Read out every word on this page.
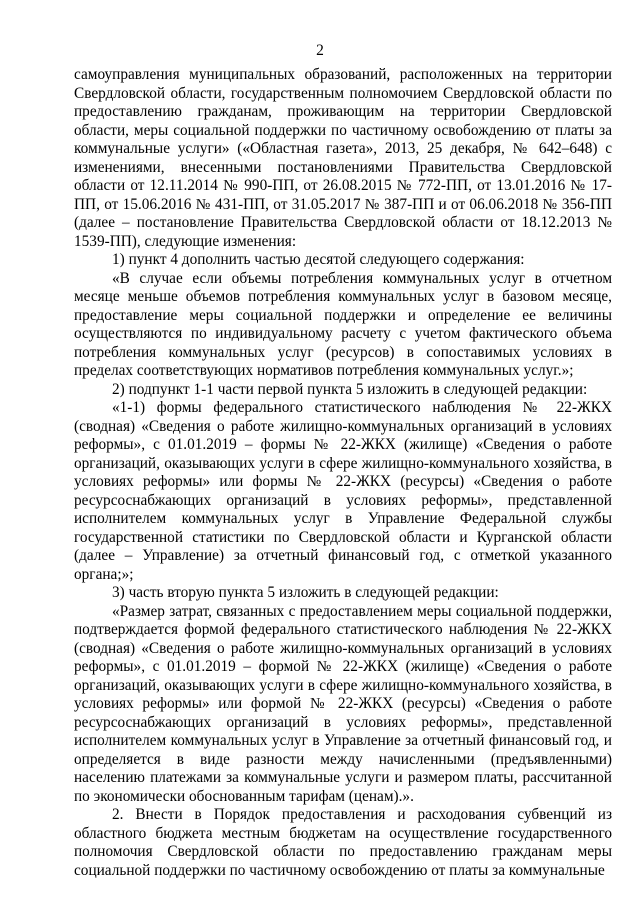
2

самоуправления муниципальных образований, расположенных на территории Свердловской области, государственным полномочием Свердловской области по предоставлению гражданам, проживающим на территории Свердловской области, меры социальной поддержки по частичному освобождению от платы за коммунальные услуги» («Областная газета», 2013, 25 декабря, № 642–648) с изменениями, внесенными постановлениями Правительства Свердловской области от 12.11.2014 № 990-ПП, от 26.08.2015 № 772-ПП, от 13.01.2016 № 17-ПП, от 15.06.2016 № 431-ПП, от 31.05.2017 № 387-ПП и от 06.06.2018 № 356-ПП (далее – постановление Правительства Свердловской области от 18.12.2013 № 1539-ПП), следующие изменения:

1) пункт 4 дополнить частью десятой следующего содержания:

«В случае если объемы потребления коммунальных услуг в отчетном месяце меньше объемов потребления коммунальных услуг в базовом месяце, предоставление меры социальной поддержки и определение ее величины осуществляются по индивидуальному расчету с учетом фактического объема потребления коммунальных услуг (ресурсов) в сопоставимых условиях в пределах соответствующих нормативов потребления коммунальных услуг.»;

2) подпункт 1-1 части первой пункта 5 изложить в следующей редакции:

«1-1) формы федерального статистического наблюдения № 22-ЖКХ (сводная) «Сведения о работе жилищно-коммунальных организаций в условиях реформы», с 01.01.2019 – формы № 22-ЖКХ (жилище) «Сведения о работе организаций, оказывающих услуги в сфере жилищно-коммунального хозяйства, в условиях реформы» или формы № 22-ЖКХ (ресурсы) «Сведения о работе ресурсоснабжающих организаций в условиях реформы», представленной исполнителем коммунальных услуг в Управление Федеральной службы государственной статистики по Свердловской области и Курганской области (далее – Управление) за отчетный финансовый год, с отметкой указанного органа;»;

3) часть вторую пункта 5 изложить в следующей редакции:

«Размер затрат, связанных с предоставлением меры социальной поддержки, подтверждается формой федерального статистического наблюдения № 22-ЖКХ (сводная) «Сведения о работе жилищно-коммунальных организаций в условиях реформы», с 01.01.2019 – формой № 22-ЖКХ (жилище) «Сведения о работе организаций, оказывающих услуги в сфере жилищно-коммунального хозяйства, в условиях реформы» или формой № 22-ЖКХ (ресурсы) «Сведения о работе ресурсоснабжающих организаций в условиях реформы», представленной исполнителем коммунальных услуг в Управление за отчетный финансовый год, и определяется в виде разности между начисленными (предъявленными) населению платежами за коммунальные услуги и размером платы, рассчитанной по экономически обоснованным тарифам (ценам).».

2. Внести в Порядок предоставления и расходования субвенций из областного бюджета местным бюджетам на осуществление государственного полномочия Свердловской области по предоставлению гражданам меры социальной поддержки по частичному освобождению от платы за коммунальные
